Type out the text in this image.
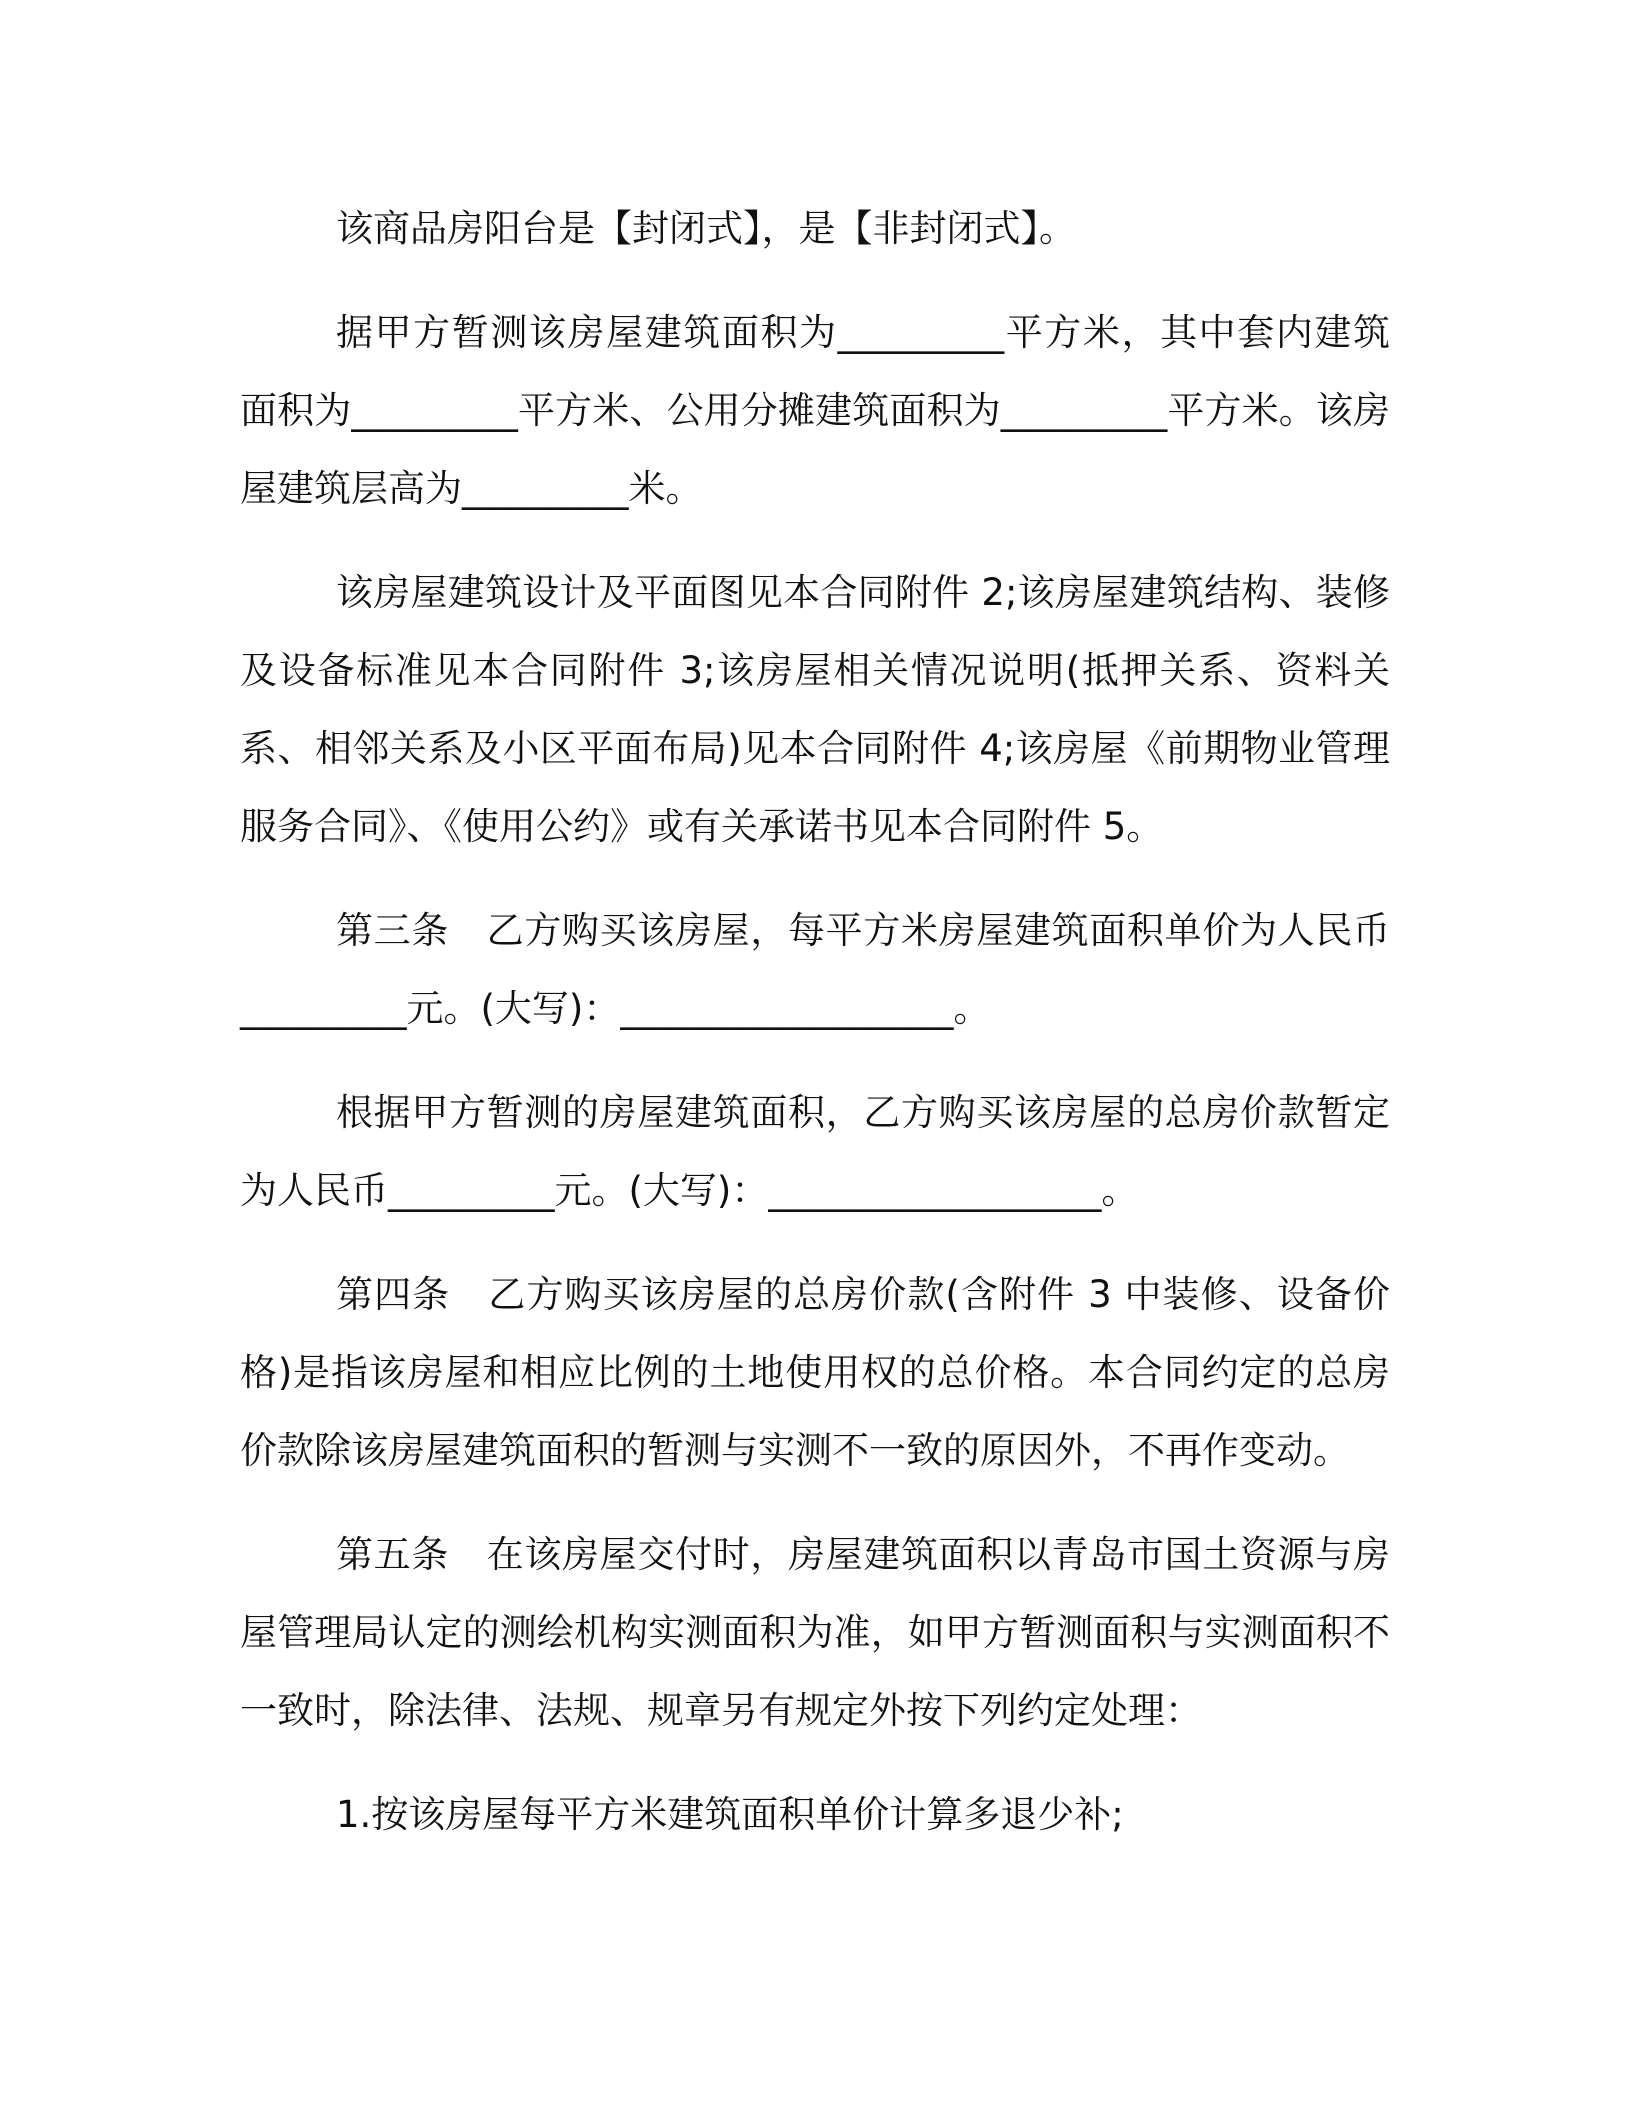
该商品房阳台是【封闭式】，是【非封闭式】。

据甲方暂测该房屋建筑面积为_________平方米，其中套内建筑面积为_________平方米、公用分摊建筑面积为_________平方米。该房屋建筑层高为_________米。

该房屋建筑设计及平面图见本合同附件 2;该房屋建筑结构、装修及设备标准见本合同附件 3;该房屋相关情况说明(抵押关系、资料关系、相邻关系及小区平面布局)见本合同附件 4;该房屋《前期物业管理服务合同》、《使用公约》或有关承诺书见本合同附件 5。

第三条　乙方购买该房屋，每平方米房屋建筑面积单价为人民币_________元。(大写)：__________________。

根据甲方暂测的房屋建筑面积，乙方购买该房屋的总房价款暂定为人民币_________元。(大写)：__________________。

第四条　乙方购买该房屋的总房价款(含附件 3 中装修、设备价格)是指该房屋和相应比例的土地使用权的总价格。本合同约定的总房价款除该房屋建筑面积的暂测与实测不一致的原因外，不再作变动。

第五条　在该房屋交付时，房屋建筑面积以青岛市国土资源与房屋管理局认定的测绘机构实测面积为准，如甲方暂测面积与实测面积不一致时，除法律、法规、规章另有规定外按下列约定处理：

1.按该房屋每平方米建筑面积单价计算多退少补;
